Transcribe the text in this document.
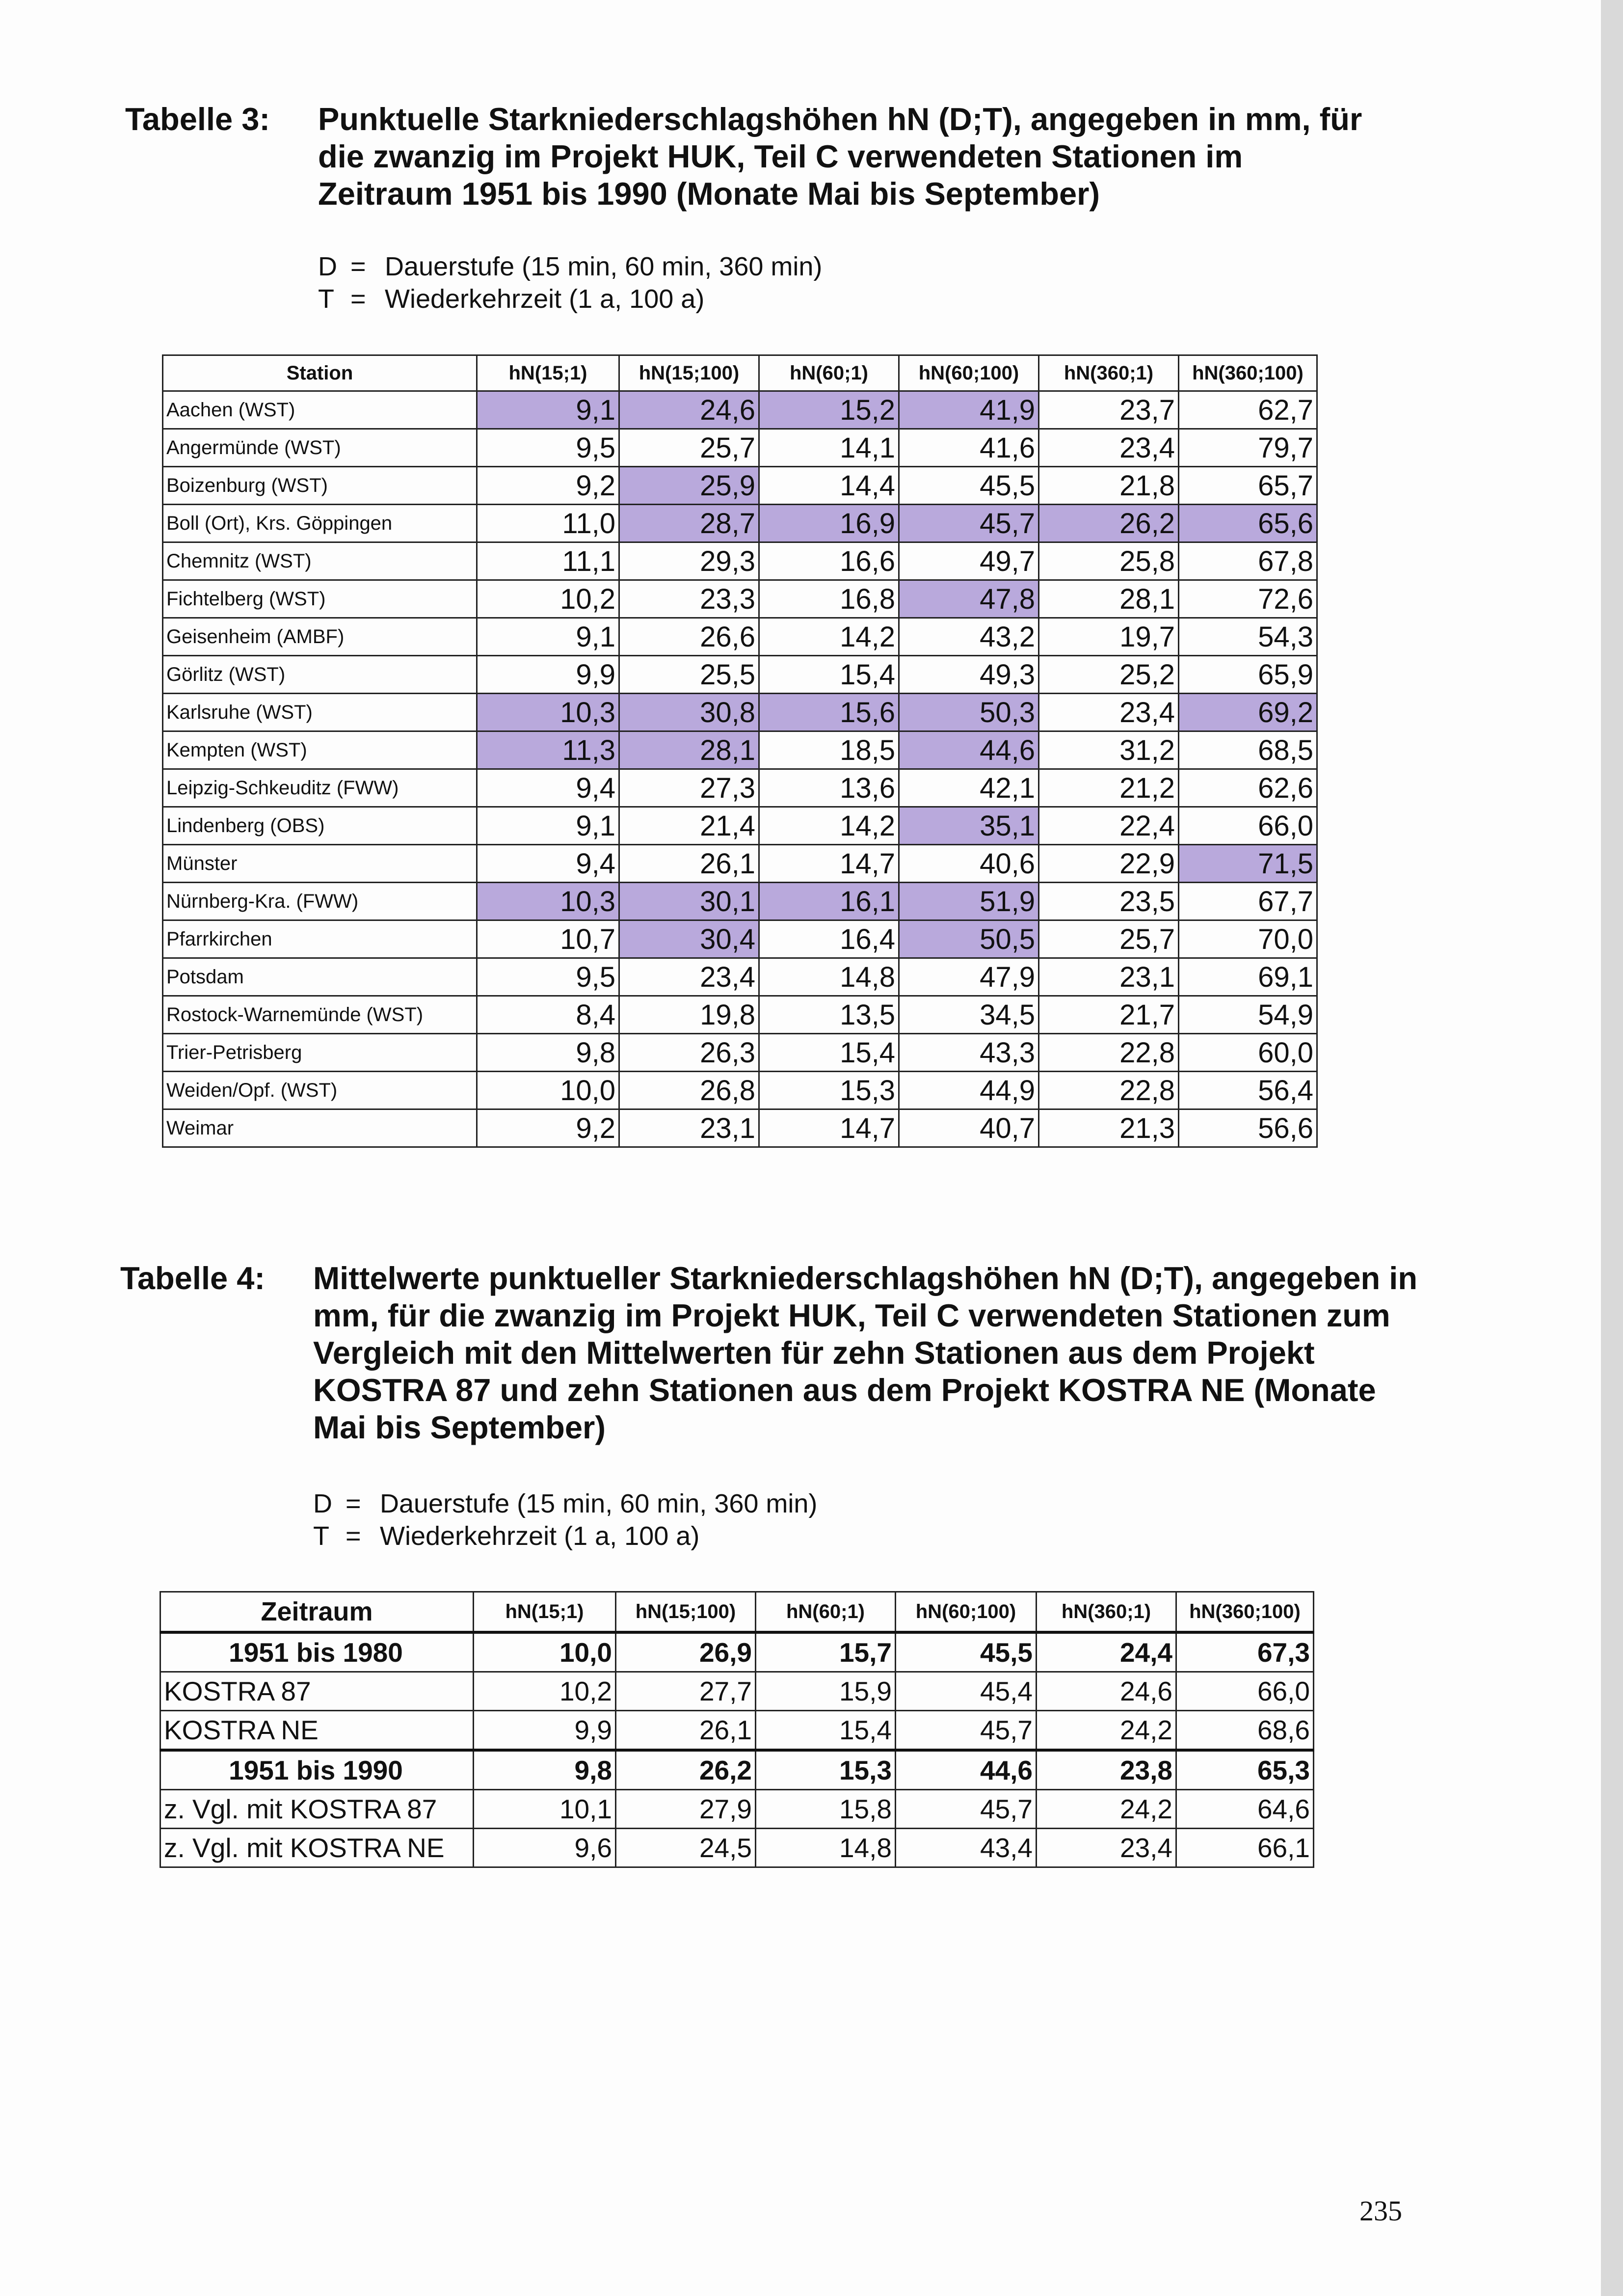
Tabelle 3: Punktuelle Starkniederschlagshöhen hN (D;T), angegeben in mm, für die zwanzig im Projekt HUK, Teil C verwendeten Stationen im Zeitraum 1951 bis 1990 (Monate Mai bis September)
D = Dauerstufe (15 min, 60 min, 360 min)
T = Wiederkehrzeit (1 a, 100 a)
Station	hN(15;1)	hN(15;100)	hN(60;1)	hN(60;100)	hN(360;1)	hN(360;100)
Aachen (WST)	9,1	24,6	15,2	41,9	23,7	62,7
Angermünde (WST)	9,5	25,7	14,1	41,6	23,4	79,7
Boizenburg (WST)	9,2	25,9	14,4	45,5	21,8	65,7
Boll (Ort), Krs. Göppingen	11,0	28,7	16,9	45,7	26,2	65,6
Chemnitz (WST)	11,1	29,3	16,6	49,7	25,8	67,8
Fichtelberg (WST)	10,2	23,3	16,8	47,8	28,1	72,6
Geisenheim (AMBF)	9,1	26,6	14,2	43,2	19,7	54,3
Görlitz (WST)	9,9	25,5	15,4	49,3	25,2	65,9
Karlsruhe (WST)	10,3	30,8	15,6	50,3	23,4	69,2
Kempten (WST)	11,3	28,1	18,5	44,6	31,2	68,5
Leipzig-Schkeuditz (FWW)	9,4	27,3	13,6	42,1	21,2	62,6
Lindenberg (OBS)	9,1	21,4	14,2	35,1	22,4	66,0
Münster	9,4	26,1	14,7	40,6	22,9	71,5
Nürnberg-Kra. (FWW)	10,3	30,1	16,1	51,9	23,5	67,7
Pfarrkirchen	10,7	30,4	16,4	50,5	25,7	70,0
Potsdam	9,5	23,4	14,8	47,9	23,1	69,1
Rostock-Warnemünde (WST)	8,4	19,8	13,5	34,5	21,7	54,9
Trier-Petrisberg	9,8	26,3	15,4	43,3	22,8	60,0
Weiden/Opf. (WST)	10,0	26,8	15,3	44,9	22,8	56,4
Weimar	9,2	23,1	14,7	40,7	21,3	56,6
Tabelle 4: Mittelwerte punktueller Starkniederschlagshöhen hN (D;T), angegeben in mm, für die zwanzig im Projekt HUK, Teil C verwendeten Stationen zum Vergleich mit den Mittelwerten für zehn Stationen aus dem Projekt KOSTRA 87 und zehn Stationen aus dem Projekt KOSTRA NE (Monate Mai bis September)
D = Dauerstufe (15 min, 60 min, 360 min)
T = Wiederkehrzeit (1 a, 100 a)
Zeitraum	hN(15;1)	hN(15;100)	hN(60;1)	hN(60;100)	hN(360;1)	hN(360;100)
1951 bis 1980	10,0	26,9	15,7	45,5	24,4	67,3
KOSTRA 87	10,2	27,7	15,9	45,4	24,6	66,0
KOSTRA NE	9,9	26,1	15,4	45,7	24,2	68,6
1951 bis 1990	9,8	26,2	15,3	44,6	23,8	65,3
z. Vgl. mit KOSTRA 87	10,1	27,9	15,8	45,7	24,2	64,6
z. Vgl. mit KOSTRA NE	9,6	24,5	14,8	43,4	23,4	66,1
235
